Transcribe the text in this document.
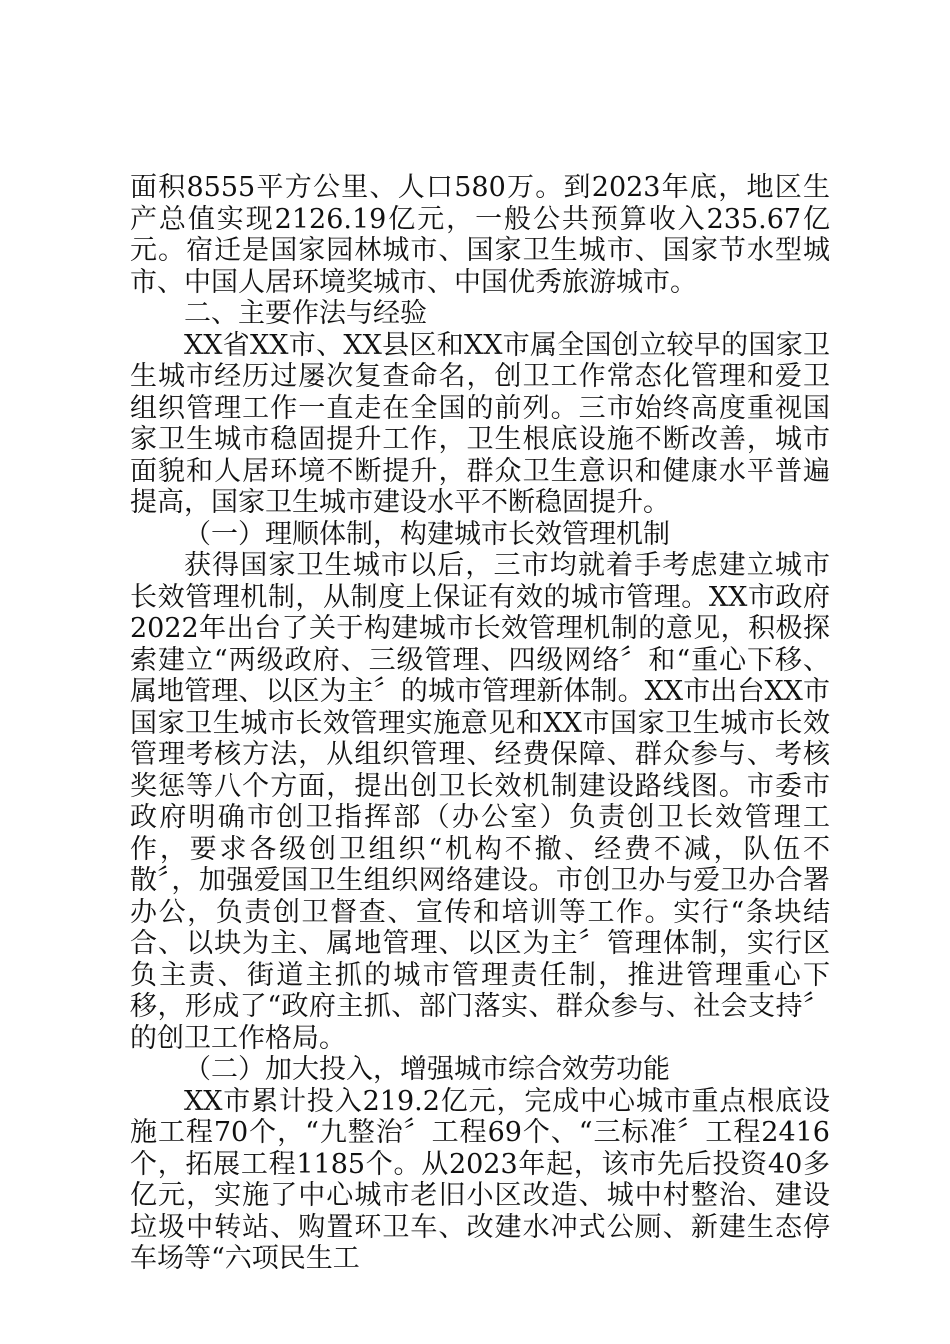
面积8555平方公里、人口580万。到2023年底，地区生产总值实现2126.19亿元，一般公共预算收入235.67亿元。宿迁是国家园林城市、国家卫生城市、国家节水型城市、中国人居环境奖城市、中国优秀旅游城市。

二、主要作法与经验

XX省XX市、XX县区和XX市属全国创立较早的国家卫生城市经历过屡次复查命名，创卫工作常态化管理和爱卫组织管理工作一直走在全国的前列。三市始终高度重视国家卫生城市稳固提升工作，卫生根底设施不断改善，城市面貌和人居环境不断提升，群众卫生意识和健康水平普遍提高，国家卫生城市建设水平不断稳固提升。

（一）理顺体制，构建城市长效管理机制

获得国家卫生城市以后，三市均就着手考虑建立城市长效管理机制，从制度上保证有效的城市管理。XX市政府2022年出台了关于构建城市长效管理机制的意见，积极探索建立“两级政府、三级管理、四级网络〞和“重心下移、属地管理、以区为主〞的城市管理新体制。XX市出台XX市国家卫生城市长效管理实施意见和XX市国家卫生城市长效管理考核方法，从组织管理、经费保障、群众参与、考核奖惩等八个方面，提出创卫长效机制建设路线图。市委市政府明确市创卫指挥部（办公室）负责创卫长效管理工作，要求各级创卫组织“机构不撤、经费不减，队伍不散〞，加强爱国卫生组织网络建设。市创卫办与爱卫办合署办公，负责创卫督查、宣传和培训等工作。实行“条块结合、以块为主、属地管理、以区为主〞管理体制，实行区负主责、街道主抓的城市管理责任制，推进管理重心下移，形成了“政府主抓、部门落实、群众参与、社会支持〞的创卫工作格局。

（二）加大投入，增强城市综合效劳功能

XX市累计投入219.2亿元，完成中心城市重点根底设施工程70个，“九整治〞工程69个、“三标准〞工程2416个，拓展工程1185个。从2023年起，该市先后投资40多亿元，实施了中心城市老旧小区改造、城中村整治、建设垃圾中转站、购置环卫车、改建水冲式公厕、新建生态停车场等“六项民生工
